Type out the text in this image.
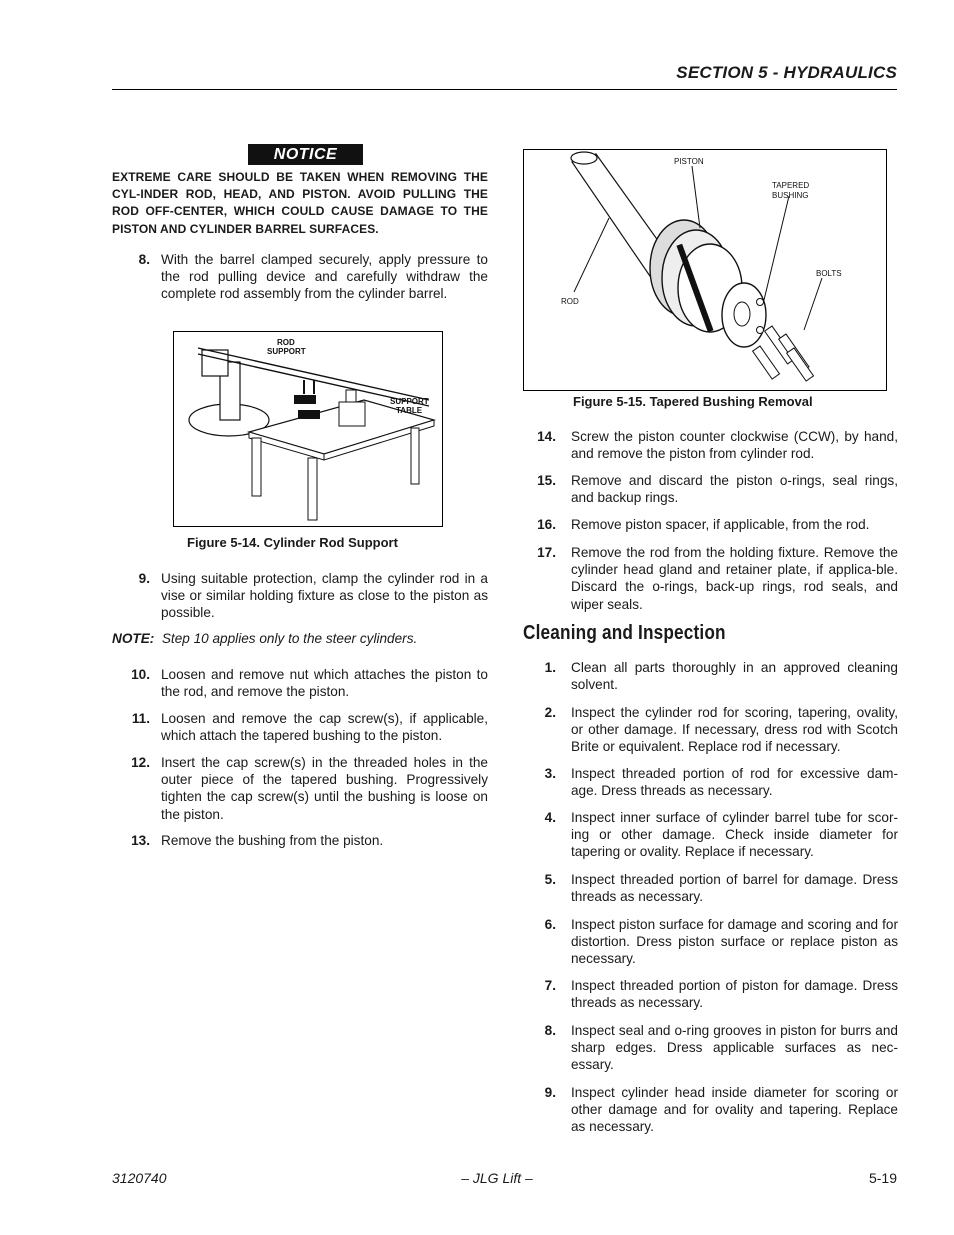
SECTION 5 - HYDRAULICS
NOTICE
EXTREME CARE SHOULD BE TAKEN WHEN REMOVING THE CYL-INDER ROD, HEAD, AND PISTON. AVOID PULLING THE ROD OFF-CENTER, WHICH COULD CAUSE DAMAGE TO THE PISTON AND CYLINDER BARREL SURFACES.
8. With the barrel clamped securely, apply pressure to the rod pulling device and carefully withdraw the complete rod assembly from the cylinder barrel.
ROD
SUPPORT
SUPPORT
TABLE
Figure 5-14. Cylinder Rod Support
9. Using suitable protection, clamp the cylinder rod in a vise or similar holding fixture as close to the piston as possible.
NOTE: Step 10 applies only to the steer cylinders.
10. Loosen and remove nut which attaches the piston to the rod, and remove the piston.
11. Loosen and remove the cap screw(s), if applicable, which attach the tapered bushing to the piston.
12. Insert the cap screw(s) in the threaded holes in the outer piece of the tapered bushing. Progressively tighten the cap screw(s) until the bushing is loose on the piston.
13. Remove the bushing from the piston.
PISTON
TAPERED
BUSHING
BOLTS
ROD
Figure 5-15. Tapered Bushing Removal
14. Screw the piston counter clockwise (CCW), by hand, and remove the piston from cylinder rod.
15. Remove and discard the piston o-rings, seal rings, and backup rings.
16. Remove piston spacer, if applicable, from the rod.
17. Remove the rod from the holding fixture. Remove the cylinder head gland and retainer plate, if applica-ble. Discard the o-rings, back-up rings, rod seals, and wiper seals.
Cleaning and Inspection
1. Clean all parts thoroughly in an approved cleaning solvent.
2. Inspect the cylinder rod for scoring, tapering, ovality, or other damage. If necessary, dress rod with Scotch Brite or equivalent. Replace rod if necessary.
3. Inspect threaded portion of rod for excessive dam-age. Dress threads as necessary.
4. Inspect inner surface of cylinder barrel tube for scor-ing or other damage. Check inside diameter for tapering or ovality. Replace if necessary.
5. Inspect threaded portion of barrel for damage. Dress threads as necessary.
6. Inspect piston surface for damage and scoring and for distortion. Dress piston surface or replace piston as necessary.
7. Inspect threaded portion of piston for damage. Dress threads as necessary.
8. Inspect seal and o-ring grooves in piston for burrs and sharp edges. Dress applicable surfaces as nec-essary.
9. Inspect cylinder head inside diameter for scoring or other damage and for ovality and tapering. Replace as necessary.
3120740	– JLG Lift –	5-19
